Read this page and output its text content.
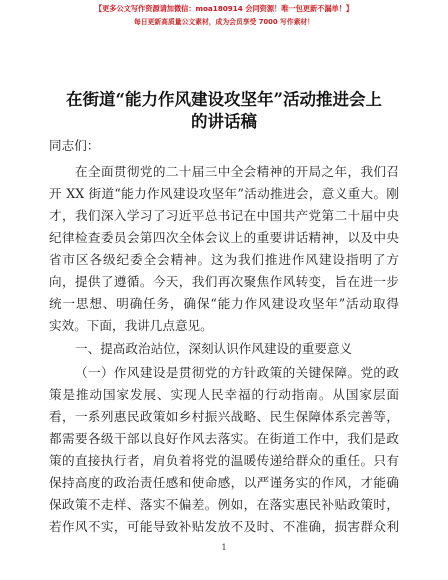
【更多公文写作资源请加微信：moa180914 会同资源！唯一包更新不漏单！】
每日更新高质量公文素材，成为会员享受 7000 写作素材！
在街道“能力作风建设攻坚年”活动推进会上
的讲话稿
同志们：
在全面贯彻党的二十届三中全会精神的开局之年，我们召
开 XX 街道“能力作风建设攻坚年”活动推进会，意义重大。刚
才，我们深入学习了习近平总书记在中国共产党第二十届中央
纪律检查委员会第四次全体会议上的重要讲话精神，以及中央
省市区各级纪委全会精神。这为我们推进作风建设指明了方
向，提供了遵循。今天，我们再次聚焦作风转变，旨在进一步
统一思想、明确任务，确保“能力作风建设攻坚年”活动取得
实效。下面，我讲几点意见。
一、提高政治站位，深刻认识作风建设的重要意义
（一）作风建设是贯彻党的方针政策的关键保障。党的政
策是推动国家发展、实现人民幸福的行动指南。从国家层面
看，一系列惠民政策如乡村振兴战略、民生保障体系完善等，
都需要各级干部以良好作风去落实。在街道工作中，我们是政
策的直接执行者，肩负着将党的温暖传递给群众的重任。只有
保持高度的政治责任感和使命感，以严谨务实的作风，才能确
保政策不走样、落实不偏差。例如，在落实惠民补贴政策时，
若作风不实，可能导致补贴发放不及时、不准确，损害群众利
1
